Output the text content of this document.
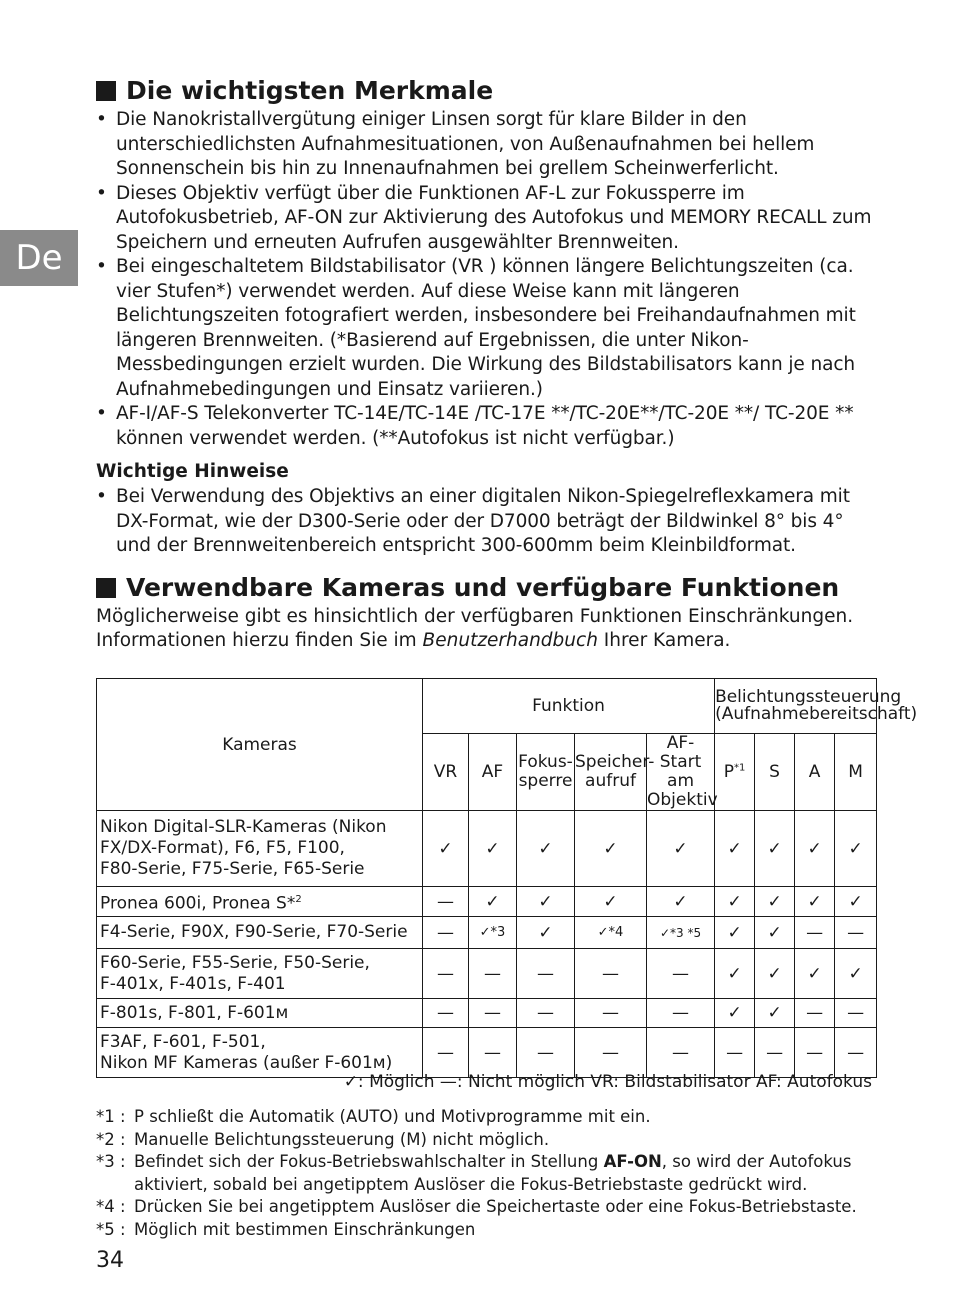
De
Die wichtigsten Merkmale
• Die Nanokristallvergütung einiger Linsen sorgt für klare Bilder in den unterschiedlichsten Aufnahmesituationen, von Außenaufnahmen bei hellem Sonnenschein bis hin zu Innenaufnahmen bei grellem Scheinwerferlicht.
• Dieses Objektiv verfügt über die Funktionen AF-L zur Fokussperre im Autofokusbetrieb, AF-ON zur Aktivierung des Autofokus und MEMORY RECALL zum Speichern und erneuten Aufrufen ausgewählter Brennweiten.
• Bei eingeschaltetem Bildstabilisator (VR ) können längere Belichtungszeiten (ca. vier Stufen*) verwendet werden. Auf diese Weise kann mit längeren Belichtungszeiten fotografiert werden, insbesondere bei Freihandaufnahmen mit längeren Brennweiten. (*Basierend auf Ergebnissen, die unter Nikon-Messbedingungen erzielt wurden. Die Wirkung des Bildstabilisators kann je nach Aufnahmebedingungen und Einsatz variieren.)
• AF-I/AF-S Telekonverter TC-14E/TC-14E /TC-17E **/TC-20E**/TC-20E **/ TC-20E ** können verwendet werden. (**Autofokus ist nicht verfügbar.)
Wichtige Hinweise
• Bei Verwendung des Objektivs an einer digitalen Nikon-Spiegelreflexkamera mit DX-Format, wie der D300-Serie oder der D7000 beträgt der Bildwinkel 8° bis 4° und der Brennweitenbereich entspricht 300-600mm beim Kleinbildformat.
Verwendbare Kameras und verfügbare Funktionen
Möglicherweise gibt es hinsichtlich der verfügbaren Funktionen Einschränkungen. Informationen hierzu finden Sie im Benutzerhandbuch Ihrer Kamera.
Kameras	Funktion					Belichtungssteuerung
(Aufnahmebereitschaft)			
	VR	AF	Fokus-
sperre	Speicher-
aufruf	AF-Start
am
Objektiv	$P^{*1}$	S	A	M
Nikon Digital-SLR-Kameras (Nikon
FX/DX-Format), F6, F5, F100,
F80-Serie, F75-Serie, F65-Serie	✓	✓	✓	✓	✓	✓	✓	✓	✓
Pronea 600i, Pronea S*$^2$	—	✓	✓	✓	✓	✓	✓	✓	✓
F4-Serie, F90X, F90-Serie, F70-Serie	—	✓*3	✓	✓*4	✓*3 *5	✓	✓	—	—
F60-Serie, F55-Serie, F50-Serie,
F-401x, F-401s, F-401	—	—	—	—	—	✓	✓	✓	✓
F-801s, F-801, F-601м	—	—	—	—	—	✓	✓	—	—
F3AF, F-601, F-501,
Nikon MF Kameras (außer F-601м)	—	—	—	—	—	—	—	—	—
✓: Möglich —: Nicht möglich VR: Bildstabilisator AF: Autofokus
*1 : P schließt die Automatik (AUTO) und Motivprogramme mit ein.
*2 : Manuelle Belichtungssteuerung (M) nicht möglich.
*3 : Befindet sich der Fokus-Betriebswahlschalter in Stellung AF-ON, so wird der Autofokus aktiviert, sobald bei angetipptem Auslöser die Fokus-Betriebstaste gedrückt wird.
*4 : Drücken Sie bei angetipptem Auslöser die Speichertaste oder eine Fokus-Betriebstaste.
*5 : Möglich mit bestimmen Einschränkungen
34
